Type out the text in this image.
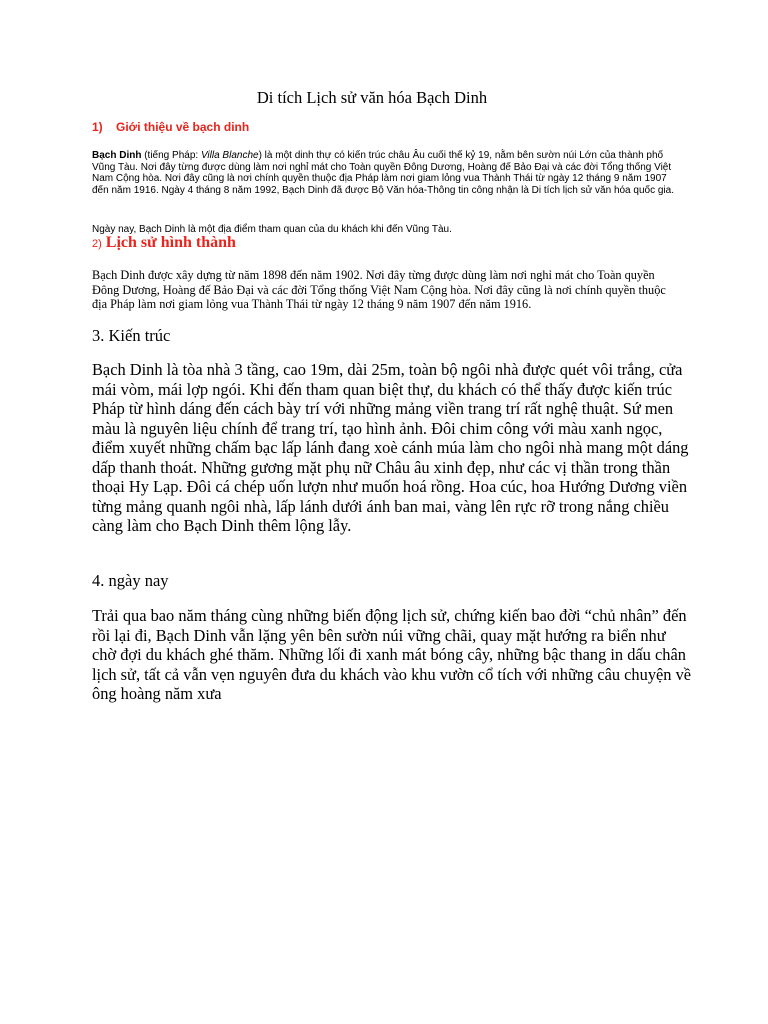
Di tích Lịch sử văn hóa Bạch Dinh
1) Giới thiệu về bạch dinh

Bạch Dinh (tiếng Pháp: Villa Blanche) là một dinh thự có kiến trúc châu Âu cuối thế kỷ 19, nằm bên sườn núi Lớn của thành phố Vũng Tàu. Nơi đây từng được dùng làm nơi nghỉ mát cho Toàn quyền Đông Dương, Hoàng đế Bảo Đại và các đời Tổng thống Việt Nam Cộng hòa. Nơi đây cũng là nơi chính quyền thuộc địa Pháp làm nơi giam lỏng vua Thành Thái từ ngày 12 tháng 9 năm 1907 đến năm 1916. Ngày 4 tháng 8 năm 1992, Bạch Dinh đã được Bộ Văn hóa-Thông tin công nhận là Di tích lịch sử văn hóa quốc gia.

Ngày nay, Bạch Dinh là một địa điểm tham quan của du khách khi đến Vũng Tàu.

2) Lịch sử hình thành

Bạch Dinh được xây dựng từ năm 1898 đến năm 1902. Nơi đây từng được dùng làm nơi nghỉ mát cho Toàn quyền Đông Dương, Hoàng đế Bảo Đại và các đời Tổng thống Việt Nam Cộng hòa. Nơi đây cũng là nơi chính quyền thuộc địa Pháp làm nơi giam lỏng vua Thành Thái từ ngày 12 tháng 9 năm 1907 đến năm 1916.

3. Kiến trúc

Bạch Dinh là tòa nhà 3 tầng, cao 19m, dài 25m, toàn bộ ngôi nhà được quét vôi trắng, cửa mái vòm, mái lợp ngói. Khi đến tham quan biệt thự, du khách có thể thấy được kiến trúc Pháp từ hình dáng đến cách bày trí với những mảng viền trang trí rất nghệ thuật. Sứ men màu là nguyên liệu chính để trang trí, tạo hình ảnh. Đôi chim công với màu xanh ngọc, điểm xuyết những chấm bạc lấp lánh đang xoè cánh múa làm cho ngôi nhà mang một dáng dấp thanh thoát. Những gương mặt phụ nữ Châu âu xinh đẹp, như các vị thần trong thần thoại Hy Lạp. Đôi cá chép uốn lượn như muốn hoá rồng. Hoa cúc, hoa Hướng Dương viền từng mảng quanh ngôi nhà, lấp lánh dưới ánh ban mai, vàng lên rực rỡ trong nắng chiều càng làm cho Bạch Dinh thêm lộng lẫy.

4. ngày nay

Trải qua bao năm tháng cùng những biến động lịch sử, chứng kiến bao đời “chủ nhân” đến rồi lại đi, Bạch Dinh vẫn lặng yên bên sườn núi vững chãi, quay mặt hướng ra biển như chờ đợi du khách ghé thăm. Những lối đi xanh mát bóng cây, những bậc thang in dấu chân lịch sử, tất cả vẫn vẹn nguyên đưa du khách vào khu vườn cổ tích với những câu chuyện về ông hoàng năm xưa
